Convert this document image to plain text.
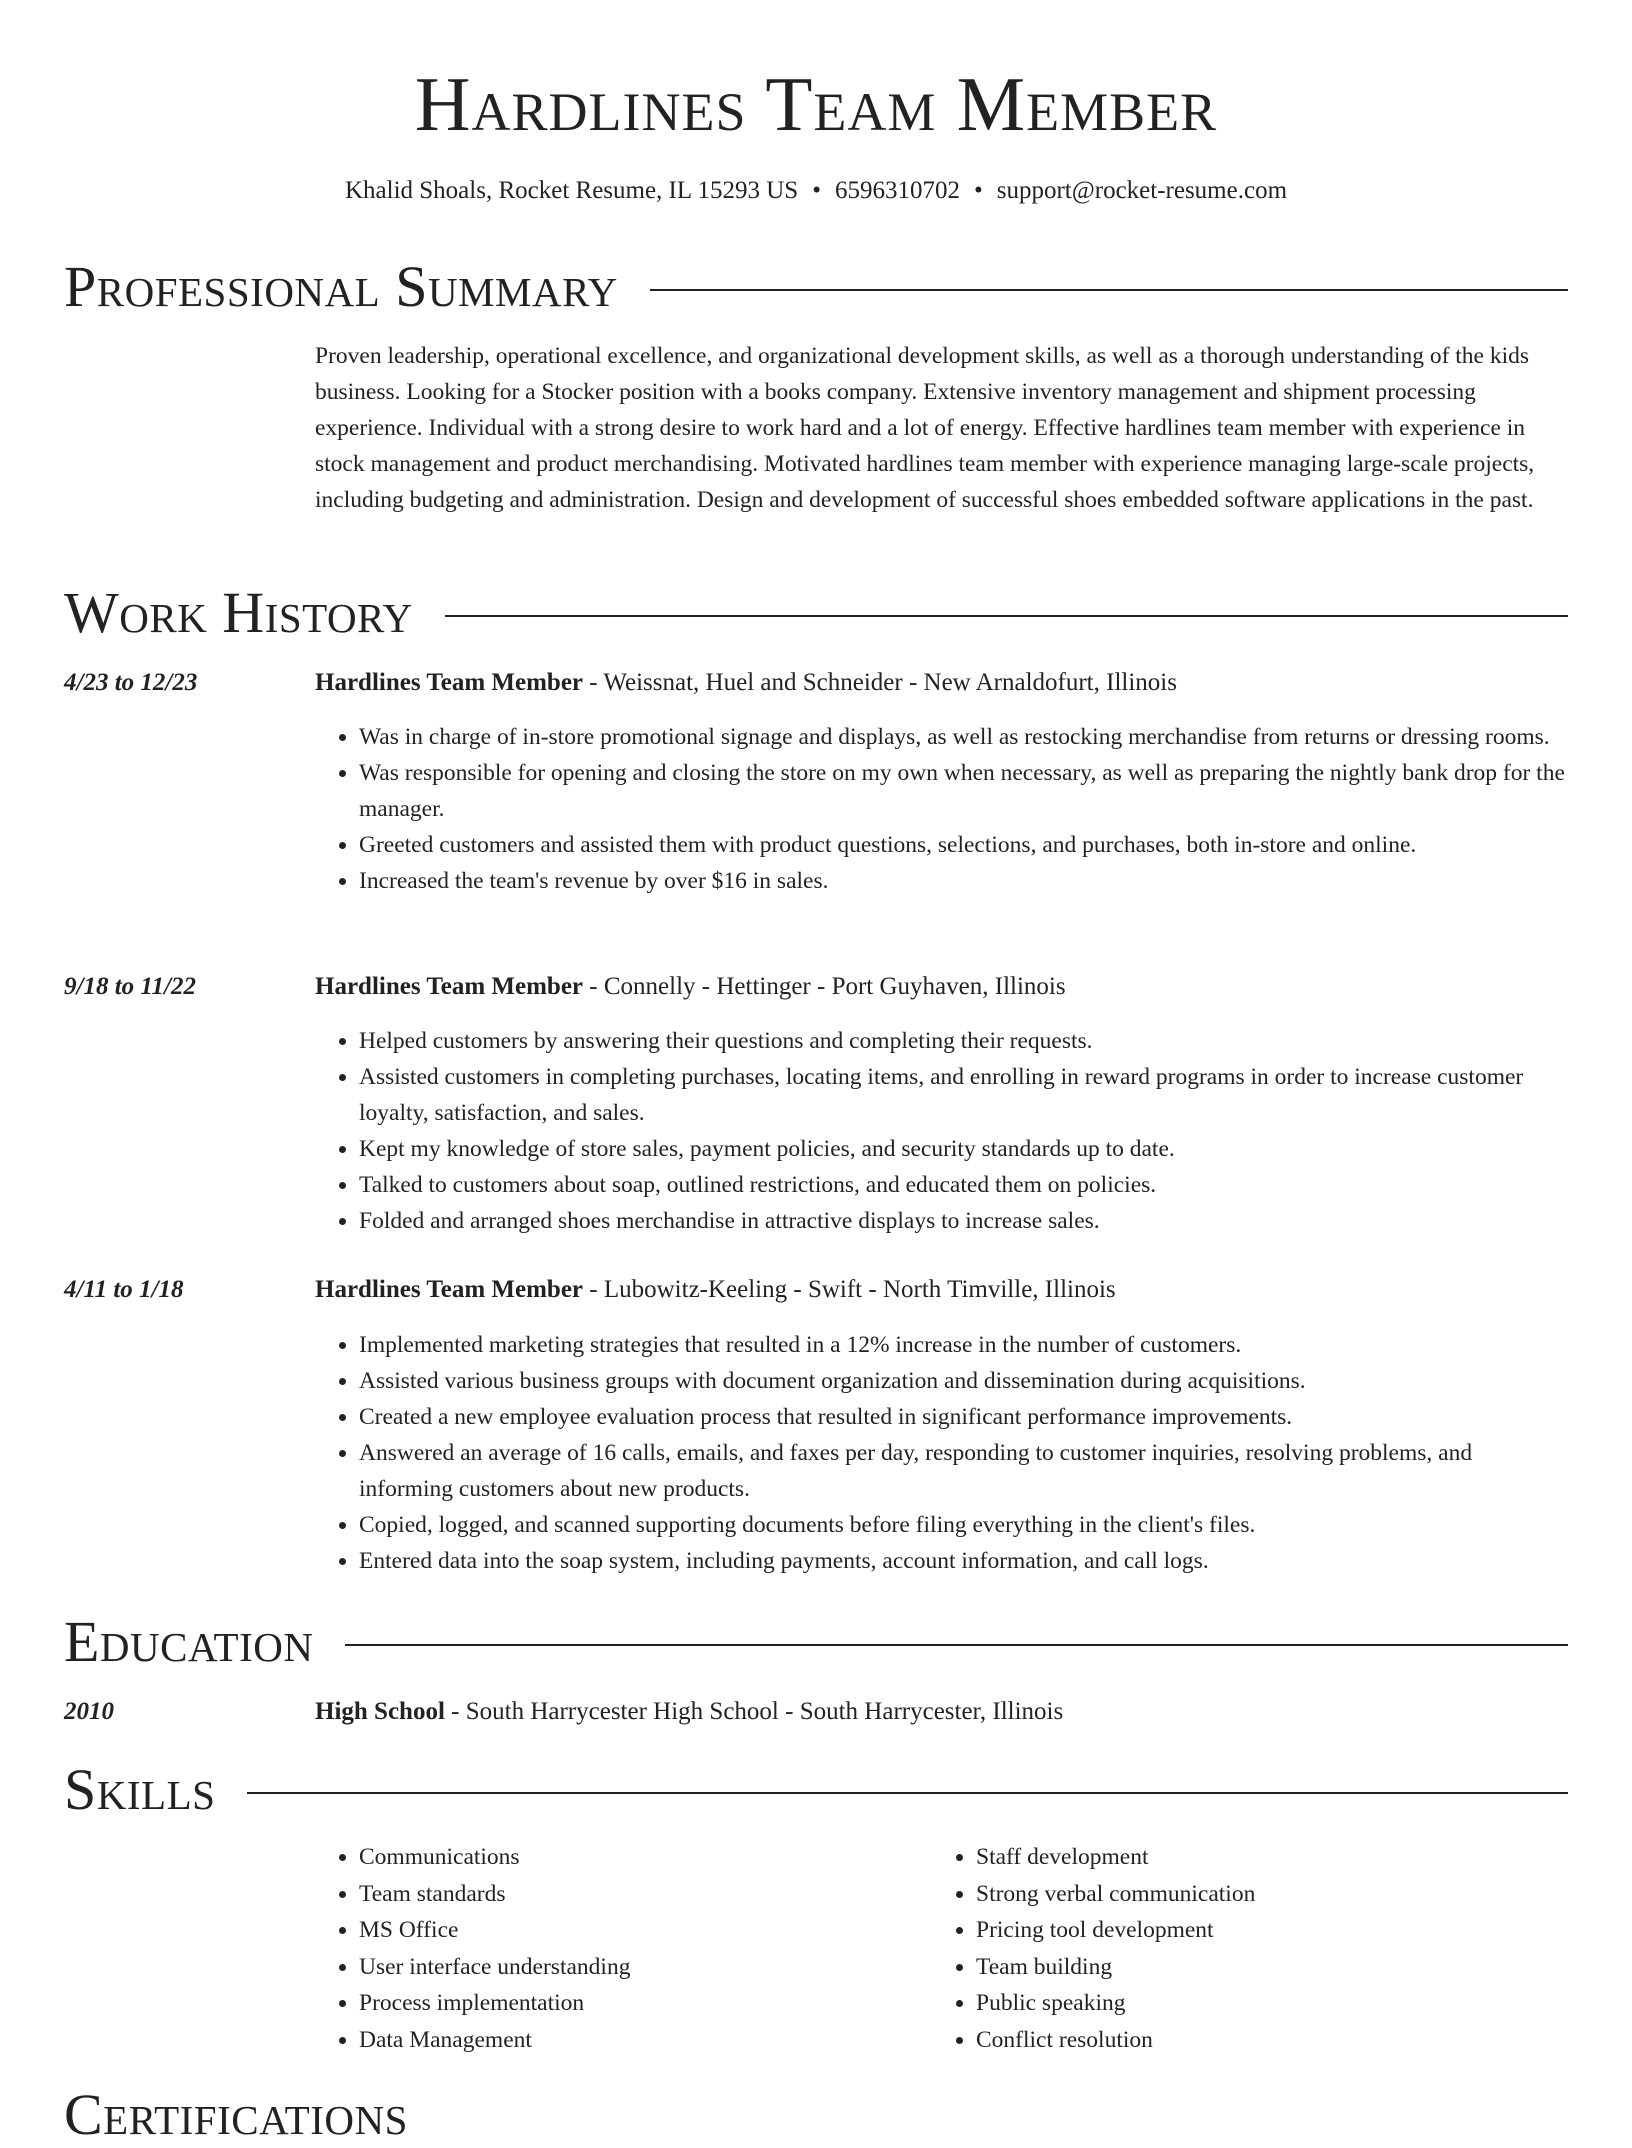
Hardlines Team Member
Khalid Shoals, Rocket Resume, IL 15293 US • 6596310702 • support@rocket-resume.com
Professional Summary
Proven leadership, operational excellence, and organizational development skills, as well as a thorough understanding of the kids business. Looking for a Stocker position with a books company. Extensive inventory management and shipment processing experience. Individual with a strong desire to work hard and a lot of energy. Effective hardlines team member with experience in stock management and product merchandising. Motivated hardlines team member with experience managing large-scale projects, including budgeting and administration. Design and development of successful shoes embedded software applications in the past.
Work History
4/23 to 12/23	Hardlines Team Member - Weissnat, Huel and Schneider - New Arnaldofurt, Illinois
• Was in charge of in-store promotional signage and displays, as well as restocking merchandise from returns or dressing rooms.
• Was responsible for opening and closing the store on my own when necessary, as well as preparing the nightly bank drop for the manager.
• Greeted customers and assisted them with product questions, selections, and purchases, both in-store and online.
• Increased the team's revenue by over $16 in sales.
9/18 to 11/22	Hardlines Team Member - Connelly - Hettinger - Port Guyhaven, Illinois
• Helped customers by answering their questions and completing their requests.
• Assisted customers in completing purchases, locating items, and enrolling in reward programs in order to increase customer loyalty, satisfaction, and sales.
• Kept my knowledge of store sales, payment policies, and security standards up to date.
• Talked to customers about soap, outlined restrictions, and educated them on policies.
• Folded and arranged shoes merchandise in attractive displays to increase sales.
4/11 to 1/18	Hardlines Team Member - Lubowitz-Keeling - Swift - North Timville, Illinois
• Implemented marketing strategies that resulted in a 12% increase in the number of customers.
• Assisted various business groups with document organization and dissemination during acquisitions.
• Created a new employee evaluation process that resulted in significant performance improvements.
• Answered an average of 16 calls, emails, and faxes per day, responding to customer inquiries, resolving problems, and informing customers about new products.
• Copied, logged, and scanned supporting documents before filing everything in the client's files.
• Entered data into the soap system, including payments, account information, and call logs.
Education
2010	High School - South Harrycester High School - South Harrycester, Illinois
Skills
• Communications
• Team standards
• MS Office
• User interface understanding
• Process implementation
• Data Management
• Staff development
• Strong verbal communication
• Pricing tool development
• Team building
• Public speaking
• Conflict resolution
Certifications
